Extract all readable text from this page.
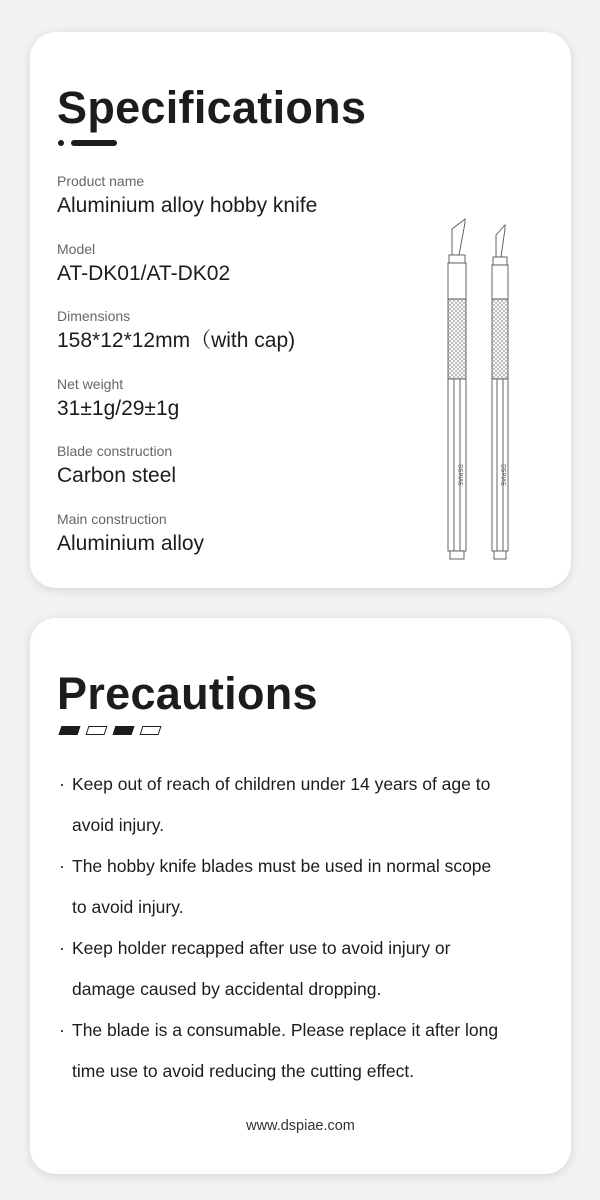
Specifications
Product name
Aluminium alloy hobby knife
Model
AT-DK01/AT-DK02
Dimensions
158*12*12mm（with cap)
Net weight
31±1g/29±1g
Blade construction
Carbon steel
Main construction
Aluminium alloy
DSPIAE	DSPIAE
Precautions
· Keep out of reach of children under 14 years of age to
avoid injury.
· The hobby knife blades must be used in normal scope
to avoid injury.
· Keep holder recapped after use to avoid injury or
damage caused by accidental dropping.
· The blade is a consumable. Please replace it after long
time use to avoid reducing the cutting effect.
www.dspiae.com
